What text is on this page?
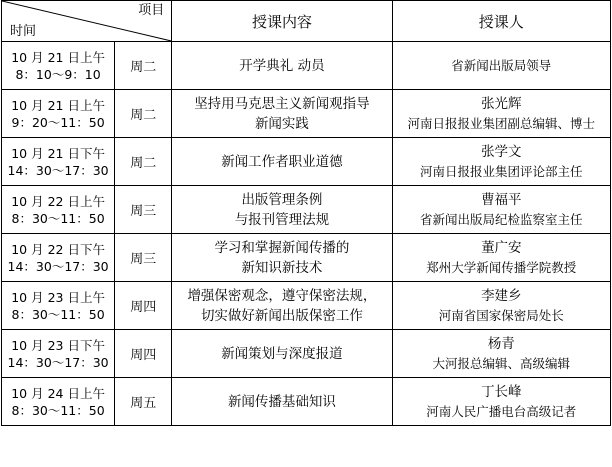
项目
时间		授课内容	授课人

10 月 21 日上午
8：10～9：10	周二	开学典礼 动员	省新闻出版局领导

10 月 21 日上午
9：20～11：50	周二	坚持用马克思主义新闻观指导
新闻实践	张光辉
河南日报报业集团副总编辑、博士

10 月 21 日下午
14：30～17：30	周二	新闻工作者职业道德	张学文
河南日报报业集团评论部主任

10 月 22 日上午
8：30～11：50	周三	出版管理条例
与报刊管理法规	曹福平
省新闻出版局纪检监察室主任

10 月 22 日下午
14：30～17：30	周三	学习和掌握新闻传播的
新知识新技术	董广安
郑州大学新闻传播学院教授

10 月 23 日上午
8：30～11：50	周四	增强保密观念，遵守保密法规，
切实做好新闻出版保密工作	李建乡
河南省国家保密局处长

10 月 23 日下午
14：30～17：30	周四	新闻策划与深度报道	杨青
大河报总编辑、高级编辑

10 月 24 日上午
8：30～11：50	周五	新闻传播基础知识	丁长峰
河南人民广播电台高级记者
